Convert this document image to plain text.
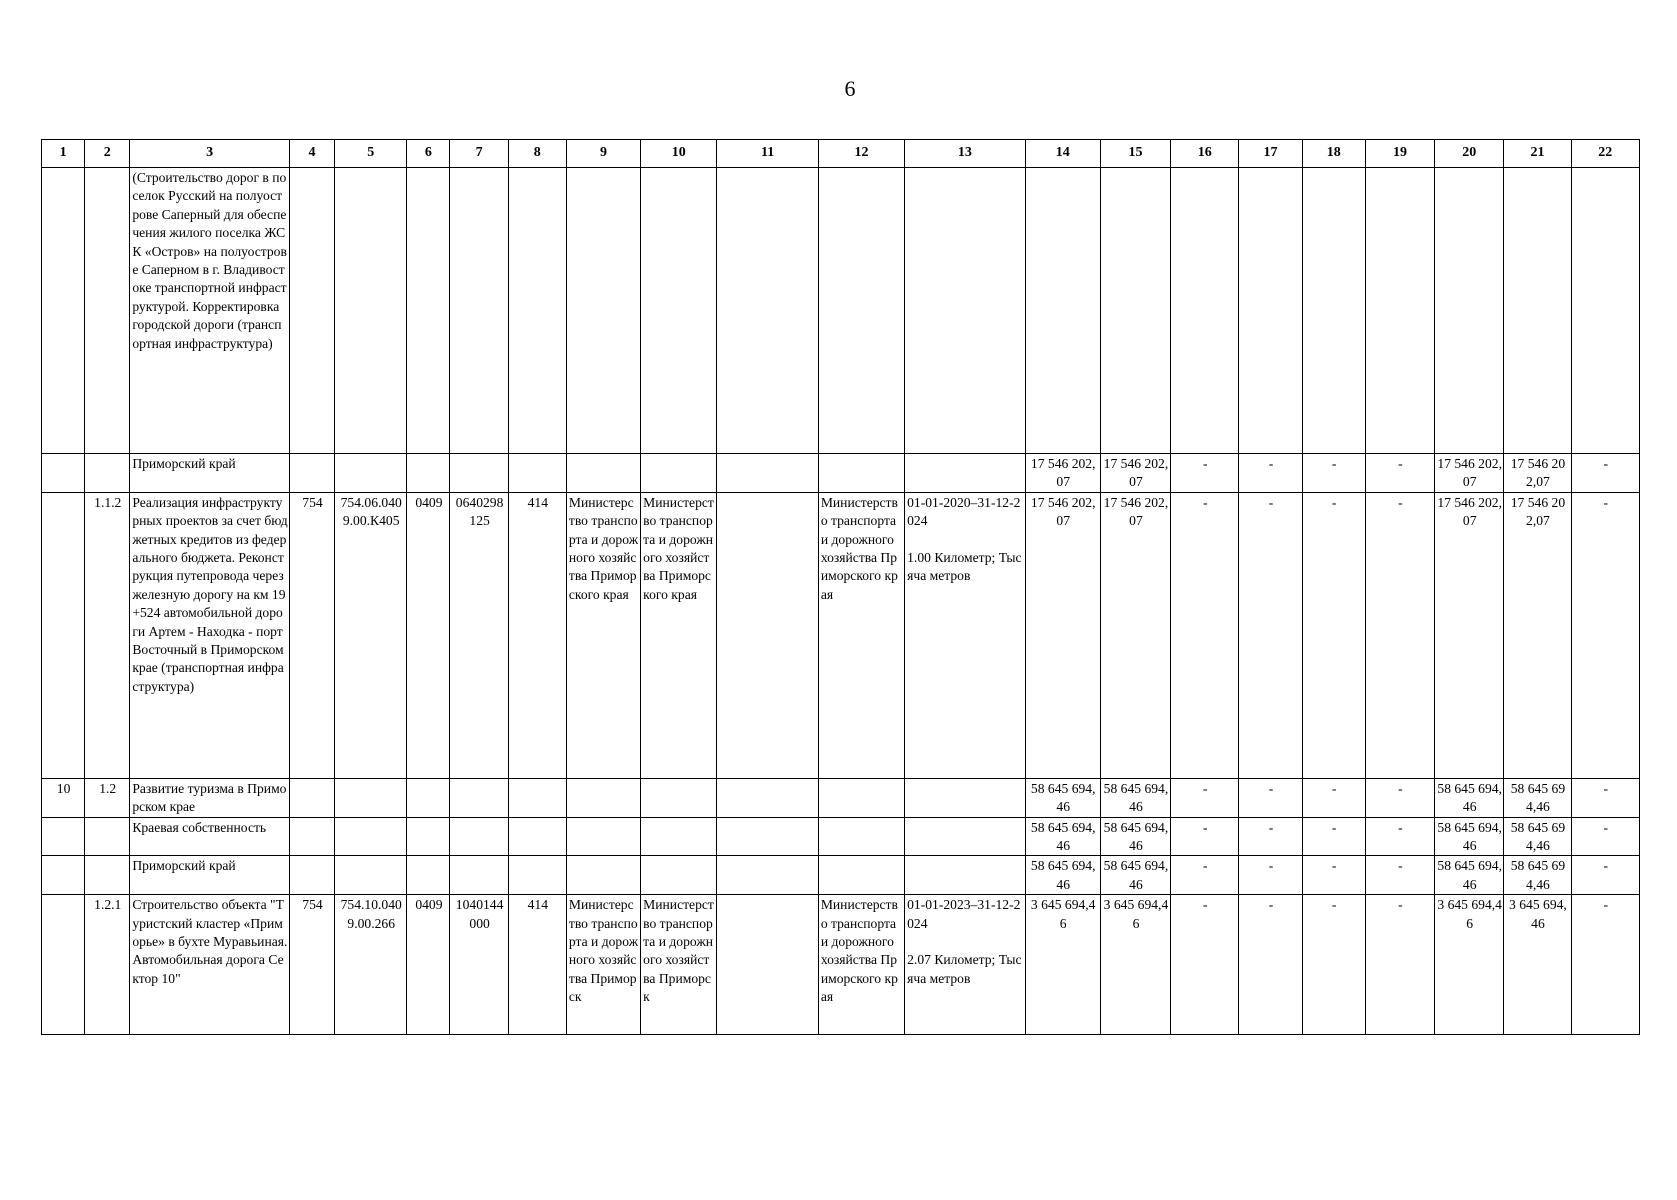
6
1	2	3	4	5	6	7	8	9	10	11	12	13	14	15	16	17	18	19	20	21	22
		(Строительство дорог в поселок Русский на полуострове Саперный для обеспечения жилого поселка ЖСК «Остров» на полуострове Саперном в г. Владивостоке транспортной инфраструктурой. Корректировка городской дороги (транспортная инфраструктура)																			
		Приморский край											17 546 202,07	17 546 202,07	-	-	-	-	17 546 202,07	17 546 202,07	-
	1.1.2	Реализация инфраструктурных проектов за счет бюджетных кредитов из федерального бюджета. Реконструкция путепровода через железную дорогу на км 19+524 автомобильной дороги Артем - Находка - порт Восточный в Приморском крае (транспортная инфраструктура)	754	754.06.0409.00.К405	0409	0640298125	414	Министерство транспорта и дорожного хозяйства Приморского края	Министерство транспорта и дорожного хозяйства Приморского края		Министерство транспорта и дорожного хозяйства Приморского края	01-01-2020–31-12-2024

1.00 Километр; Тысяча метров	17 546 202,07	17 546 202,07	-	-	-	-	17 546 202,07	17 546 202,07	-
10	1.2	Развитие туризма в Приморском крае											58 645 694,46	58 645 694,46	-	-	-	-	58 645 694,46	58 645 694,46	-
		Краевая собственность											58 645 694,46	58 645 694,46	-	-	-	-	58 645 694,46	58 645 694,46	-
		Приморский край											58 645 694,46	58 645 694,46	-	-	-	-	58 645 694,46	58 645 694,46	-
	1.2.1	Строительство объекта "Туристский кластер «Приморье» в бухте Муравьиная. Автомобильная дорога Сектор 10"	754	754.10.0409.00.266	0409	1040144000	414	Министерство транспорта и дорожного хозяйства Приморск	Министерство транспорта и дорожного хозяйства Приморск		Министерство транспорта и дорожного хозяйства Приморского края	01-01-2023–31-12-2024

2.07 Километр; Тысяча метров	3 645 694,46	3 645 694,46	-	-	-	-	3 645 694,46	3 645 694,46	-
